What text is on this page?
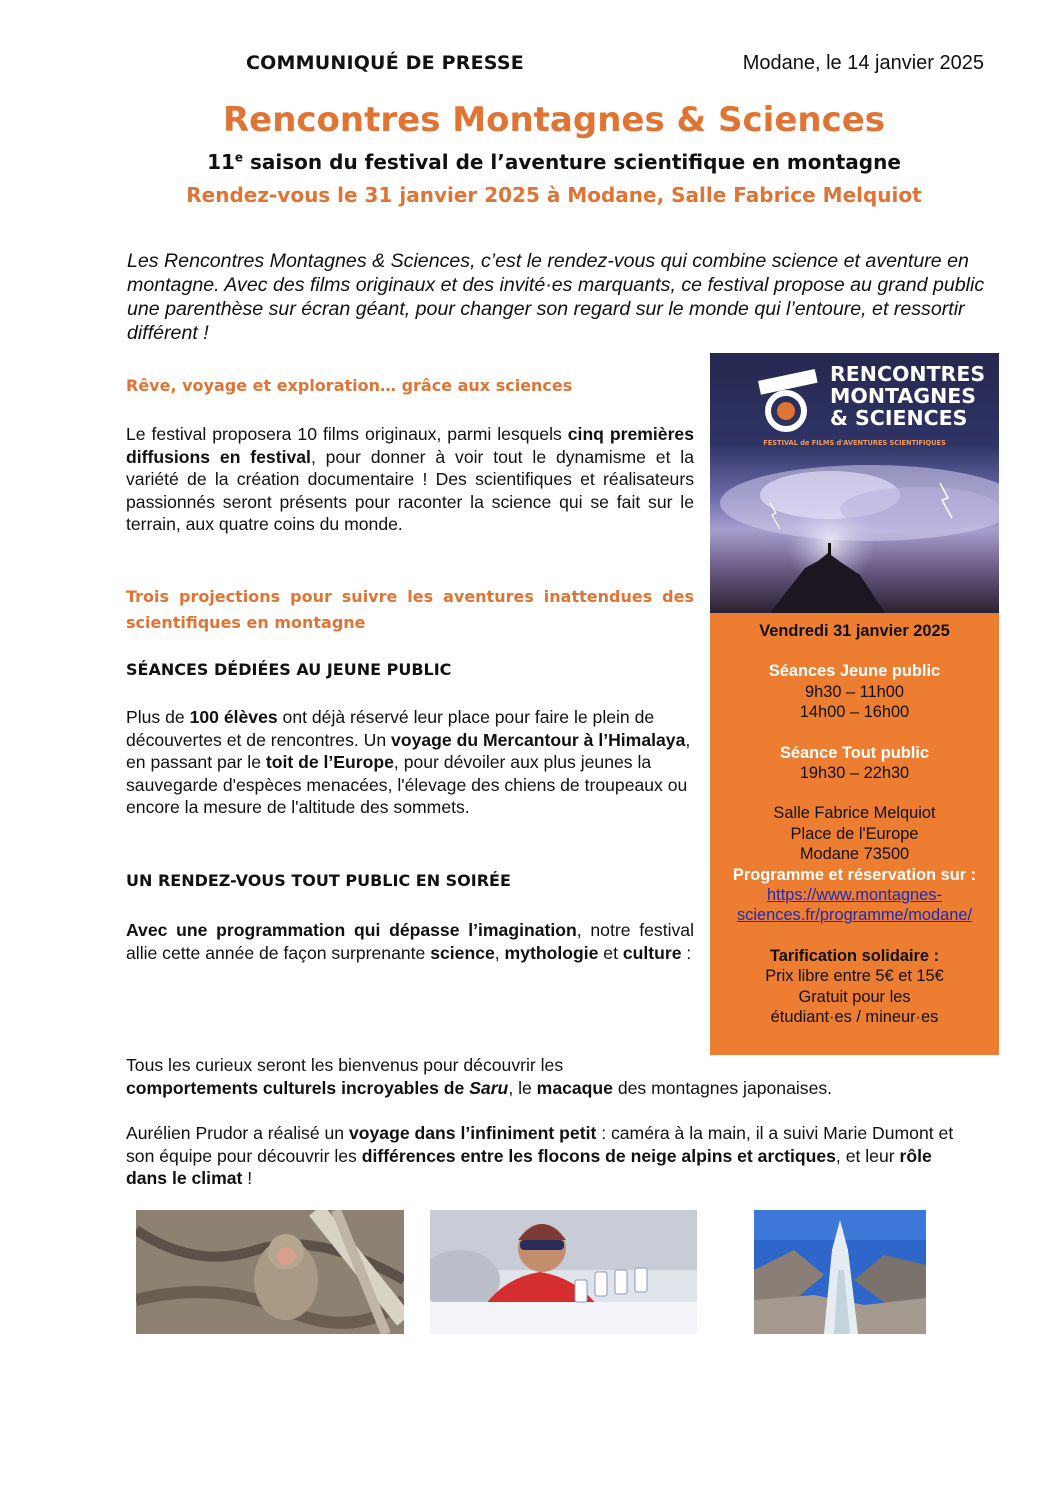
COMMUNIQUÉ DE PRESSE	Modane, le 14 janvier 2025
Rencontres Montagnes & Sciences
11e saison du festival de l’aventure scientifique en montagne
Rendez-vous le 31 janvier 2025 à Modane, Salle Fabrice Melquiot
Les Rencontres Montagnes & Sciences, c’est le rendez-vous qui combine science et aventure en montagne. Avec des films originaux et des invité·es marquants, ce festival propose au grand public une parenthèse sur écran géant, pour changer son regard sur le monde qui l’entoure, et ressortir différent !
Rêve, voyage et exploration… grâce aux sciences
Le festival proposera 10 films originaux, parmi lesquels cinq premières diffusions en festival, pour donner à voir tout le dynamisme et la variété de la création documentaire ! Des scientifiques et réalisateurs passionnés seront présents pour raconter la science qui se fait sur le terrain, aux quatre coins du monde.
Trois projections pour suivre les aventures inattendues des scientifiques en montagne
SÉANCES DÉDIÉES AU JEUNE PUBLIC
Plus de 100 élèves ont déjà réservé leur place pour faire le plein de découvertes et de rencontres. Un voyage du Mercantour à l’Himalaya, en passant par le toit de l’Europe, pour dévoiler aux plus jeunes la sauvegarde d'espèces menacées, l'élevage des chiens de troupeaux ou encore la mesure de l'altitude des sommets.
UN RENDEZ-VOUS TOUT PUBLIC EN SOIRÉE
Avec une programmation qui dépasse l’imagination, notre festival allie cette année de façon surprenante science, mythologie et culture :
Tous les curieux seront les bienvenus pour découvrir les
comportements culturels incroyables de Saru, le macaque des montagnes japonaises.
Aurélien Prudor a réalisé un voyage dans l’infiniment petit : caméra à la main, il a suivi Marie Dumont et son équipe pour découvrir les différences entre les flocons de neige alpins et arctiques, et leur rôle dans le climat !
RENCONTRES
MONTAGNES
& SCIENCES
FESTIVAL de FILMS d'AVENTURES SCIENTIFIQUES
Vendredi 31 janvier 2025
Séances Jeune public
9h30 – 11h00
14h00 – 16h00
Séance Tout public
19h30 – 22h30
Salle Fabrice Melquiot
Place de l'Europe
Modane 73500
Programme et réservation sur :
https://www.montagnes-
sciences.fr/programme/modane/
Tarification solidaire :
Prix libre entre 5€ et 15€
Gratuit pour les
étudiant·es / mineur·es
